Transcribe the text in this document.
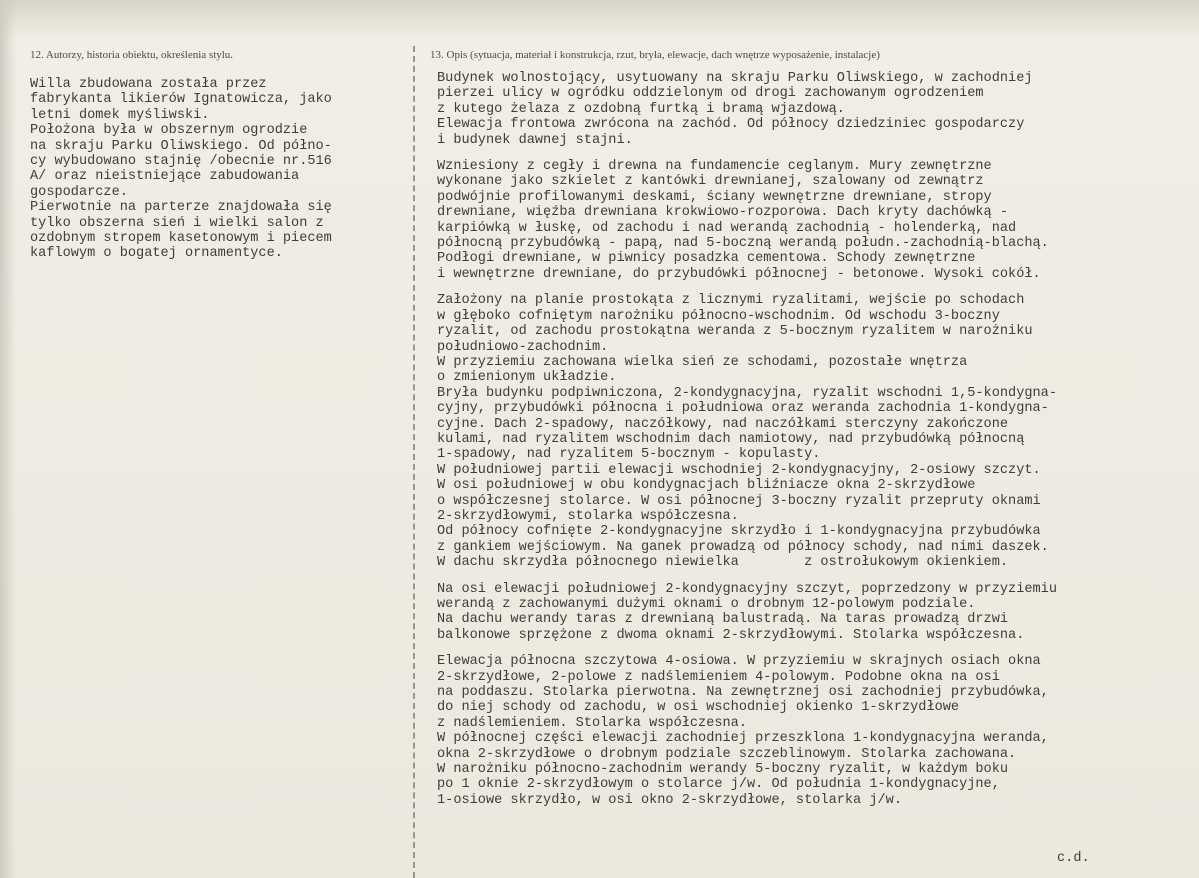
12. Autorzy, historia obiektu, określenia stylu.	13. Opis (sytuacja, materiał i konstrukcja, rzut, bryła, elewacje, dach wnętrze wyposażenie, instalacje)
Willa zbudowana została przez
fabrykanta likierów Ignatowicza, jako
letni domek myśliwski.
Położona była w obszernym ogrodzie
na skraju Parku Oliwskiego. Od półno-
cy wybudowano stajnię /obecnie nr.516
A/ oraz nieistniejące zabudowania
gospodarcze.
Pierwotnie na parterze znajdowała się
tylko obszerna sień i wielki salon z
ozdobnym stropem kasetonowym i piecem
kaflowym o bogatej ornamentyce.
Budynek wolnostojący, usytuowany na skraju Parku Oliwskiego, w zachodniej
pierzei ulicy w ogródku oddzielonym od drogi zachowanym ogrodzeniem
z kutego żelaza z ozdobną furtką i bramą wjazdową.
Elewacja frontowa zwrócona na zachód. Od północy dziedziniec gospodarczy
i budynek dawnej stajni.
Wzniesiony z cegły i drewna na fundamencie ceglanym. Mury zewnętrzne
wykonane jako szkielet z kantówki drewnianej, szalowany od zewnątrz
podwójnie profilowanymi deskami, ściany wewnętrzne drewniane, stropy
drewniane, więźba drewniana krokwiowo-rozporowa. Dach kryty dachówką -
karpiówką w łuskę, od zachodu i nad werandą zachodnią - holenderką, nad
północną przybudówką - papą, nad 5-boczną werandą połudn.-zachodnią-blachą.
Podłogi drewniane, w piwnicy posadzka cementowa. Schody zewnętrzne
i wewnętrzne drewniane, do przybudówki północnej - betonowe. Wysoki cokół.
Założony na planie prostokąta z licznymi ryzalitami, wejście po schodach
w głęboko cofniętym narożniku północno-wschodnim. Od wschodu 3-boczny
ryzalit, od zachodu prostokątna weranda z 5-bocznym ryzalitem w narożniku
południowo-zachodnim.
W przyziemiu zachowana wielka sień ze schodami, pozostałe wnętrza
o zmienionym układzie.
Bryła budynku podpiwniczona, 2-kondygnacyjna, ryzalit wschodni 1,5-kondygna-
cyjny, przybudówki północna i południowa oraz weranda zachodnia 1-kondygna-
cyjne. Dach 2-spadowy, naczółkowy, nad naczółkami sterczyny zakończone
kulami, nad ryzalitem wschodnim dach namiotowy, nad przybudówką północną
1-spadowy, nad ryzalitem 5-bocznym - kopulasty.
W południowej partii elewacji wschodniej 2-kondygnacyjny, 2-osiowy szczyt.
W osi południowej w obu kondygnacjach bliźniacze okna 2-skrzydłowe
o współczesnej stolarce. W osi północnej 3-boczny ryzalit przepruty oknami
2-skrzydłowymi, stolarka współczesna.
Od północy cofnięte 2-kondygnacyjne skrzydło i 1-kondygnacyjna przybudówka
z gankiem wejściowym. Na ganek prowadzą od północy schody, nad nimi daszek.
W dachu skrzydła północnego niewielka        z ostrołukowym okienkiem.
Na osi elewacji południowej 2-kondygnacyjny szczyt, poprzedzony w przyziemiu
werandą z zachowanymi dużymi oknami o drobnym 12-polowym podziale.
Na dachu werandy taras z drewnianą balustradą. Na taras prowadzą drzwi
balkonowe sprzężone z dwoma oknami 2-skrzydłowymi. Stolarka współczesna.
Elewacja północna szczytowa 4-osiowa. W przyziemiu w skrajnych osiach okna
2-skrzydłowe, 2-polowe z nadślemieniem 4-polowym. Podobne okna na osi
na poddaszu. Stolarka pierwotna. Na zewnętrznej osi zachodniej przybudówka,
do niej schody od zachodu, w osi wschodniej okienko 1-skrzydłowe
z nadślemieniem. Stolarka współczesna.
W północnej części elewacji zachodniej przeszklona 1-kondygnacyjna weranda,
okna 2-skrzydłowe o drobnym podziale szczeblinowym. Stolarka zachowana.
W narożniku północno-zachodnim werandy 5-boczny ryzalit, w każdym boku
po 1 oknie 2-skrzydłowym o stolarce j/w. Od południa 1-kondygnacyjne,
1-osiowe skrzydło, w osi okno 2-skrzydłowe, stolarka j/w.
c.d.
